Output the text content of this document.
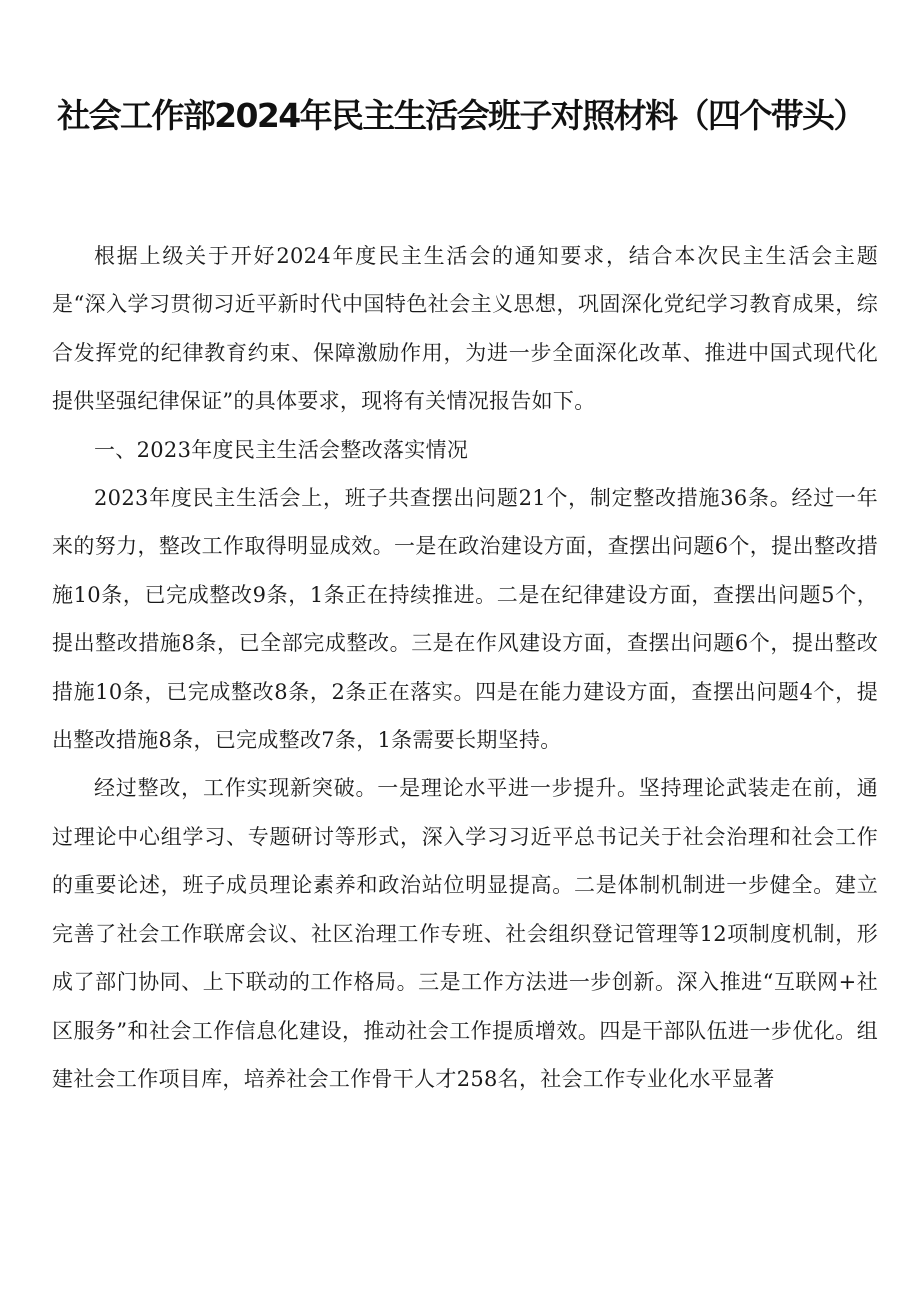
社会工作部2024年民主生活会班子对照材料（四个带头）

根据上级关于开好2024年度民主生活会的通知要求，结合本次民主生活会主题是“深入学习贯彻习近平新时代中国特色社会主义思想，巩固深化党纪学习教育成果，综合发挥党的纪律教育约束、保障激励作用，为进一步全面深化改革、推进中国式现代化提供坚强纪律保证”的具体要求，现将有关情况报告如下。

一、2023年度民主生活会整改落实情况

2023年度民主生活会上，班子共查摆出问题21个，制定整改措施36条。经过一年来的努力，整改工作取得明显成效。一是在政治建设方面，查摆出问题6个，提出整改措施10条，已完成整改9条，1条正在持续推进。二是在纪律建设方面，查摆出问题5个，提出整改措施8条，已全部完成整改。三是在作风建设方面，查摆出问题6个，提出整改措施10条，已完成整改8条，2条正在落实。四是在能力建设方面，查摆出问题4个，提出整改措施8条，已完成整改7条，1条需要长期坚持。

经过整改，工作实现新突破。一是理论水平进一步提升。坚持理论武装走在前，通过理论中心组学习、专题研讨等形式，深入学习习近平总书记关于社会治理和社会工作的重要论述，班子成员理论素养和政治站位明显提高。二是体制机制进一步健全。建立完善了社会工作联席会议、社区治理工作专班、社会组织登记管理等12项制度机制，形成了部门协同、上下联动的工作格局。三是工作方法进一步创新。深入推进“互联网+社区服务”和社会工作信息化建设，推动社会工作提质增效。四是干部队伍进一步优化。组建社会工作项目库，培养社会工作骨干人才258名，社会工作专业化水平显著
